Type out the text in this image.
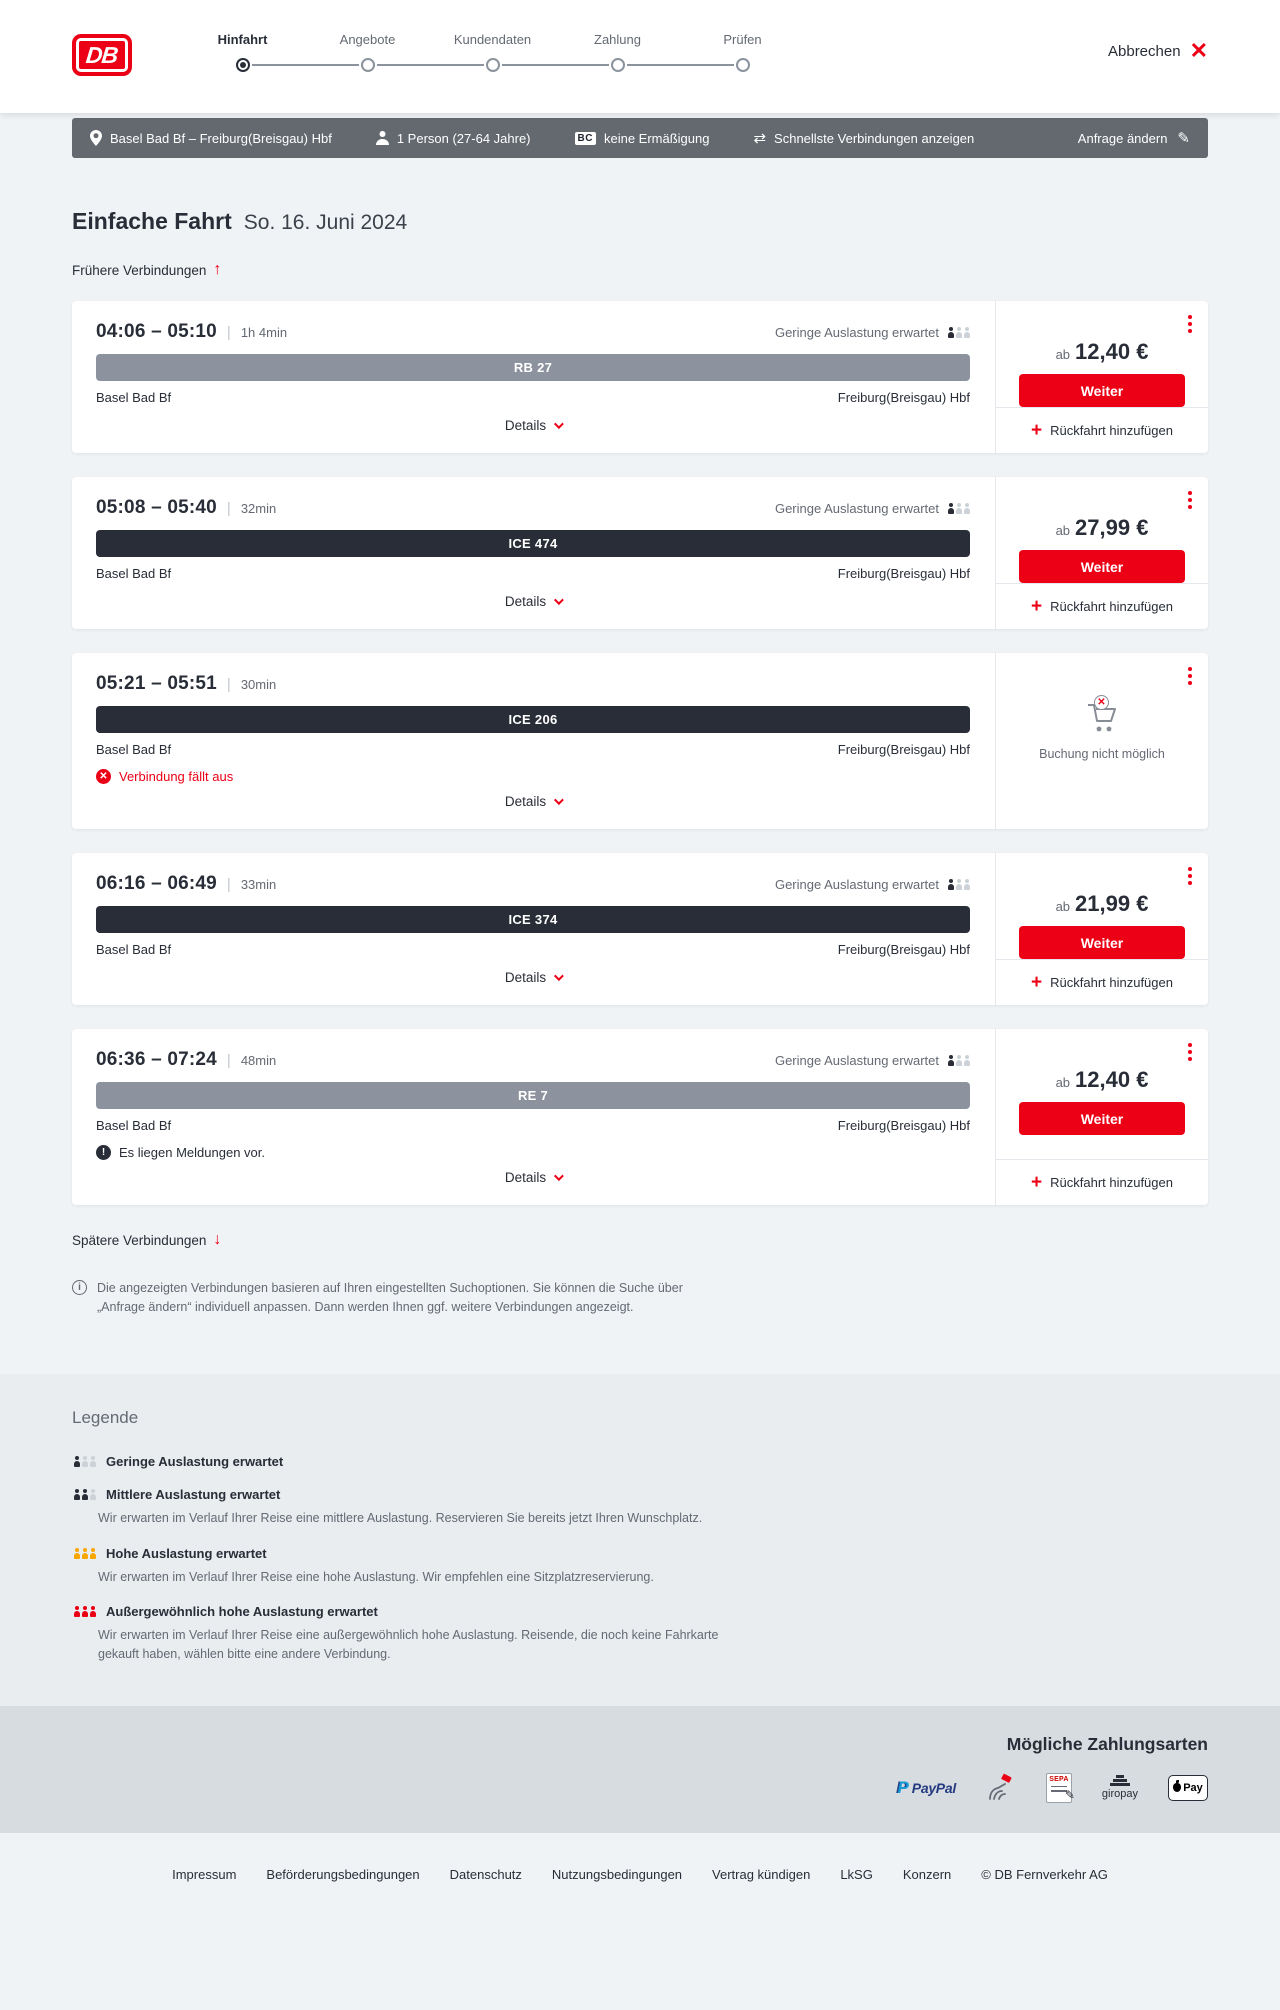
DB
Hinfahrt	Angebote	Kundendaten	Zahlung	Prüfen
Abbrechen ✕
Basel Bad Bf – Freiburg(Breisgau) Hbf	1 Person (27-64 Jahre)	BC keine Ermäßigung	⇄ Schnellste Verbindungen anzeigen	Anfrage ändern ✎
Einfache Fahrt So. 16. Juni 2024
Frühere Verbindungen ↑
04:06 – 05:10 | 1h 4min	Geringe Auslastung erwartet
RB 27
Basel Bad Bf	Freiburg(Breisgau) Hbf
Details
ab 12,40 €
Weiter
+ Rückfahrt hinzufügen
05:08 – 05:40 | 32min	Geringe Auslastung erwartet
ICE 474
Basel Bad Bf	Freiburg(Breisgau) Hbf
Details
ab 27,99 €
Weiter
+ Rückfahrt hinzufügen
05:21 – 05:51 | 30min
ICE 206
Basel Bad Bf	Freiburg(Breisgau) Hbf
✕ Verbindung fällt aus
Details
✕
Buchung nicht möglich
06:16 – 06:49 | 33min	Geringe Auslastung erwartet
ICE 374
Basel Bad Bf	Freiburg(Breisgau) Hbf
Details
ab 21,99 €
Weiter
+ Rückfahrt hinzufügen
06:36 – 07:24 | 48min	Geringe Auslastung erwartet
RE 7
Basel Bad Bf	Freiburg(Breisgau) Hbf
!	Es liegen Meldungen vor.
Details
ab 12,40 €
Weiter
+ Rückfahrt hinzufügen
Spätere Verbindungen ↓
i	Die angezeigten Verbindungen basieren auf Ihren eingestellten Suchoptionen. Sie können die Suche über „Anfrage ändern“ individuell anpassen. Dann werden Ihnen ggf. weitere Verbindungen angezeigt.

Legende
Geringe Auslastung erwartet
Mittlere Auslastung erwartet

Wir erwarten im Verlauf Ihrer Reise eine mittlere Auslastung. Reservieren Sie bereits jetzt Ihren Wunschplatz.

Hohe Auslastung erwartet

Wir erwarten im Verlauf Ihrer Reise eine hohe Auslastung. Wir empfehlen eine Sitzplatzreservierung.

Außergewöhnlich hohe Auslastung erwartet

Wir erwarten im Verlauf Ihrer Reise eine außergewöhnlich hohe Auslastung. Reisende, die noch keine Fahrkarte gekauft haben, wählen bitte eine andere Verbindung.

Mögliche Zahlungsarten
P PayPal
SEPA
✎ giropay
Pay
Impressum Beförderungsbedingungen Datenschutz Nutzungsbedingungen Vertrag kündigen LkSG Konzern © DB Fernverkehr AG
